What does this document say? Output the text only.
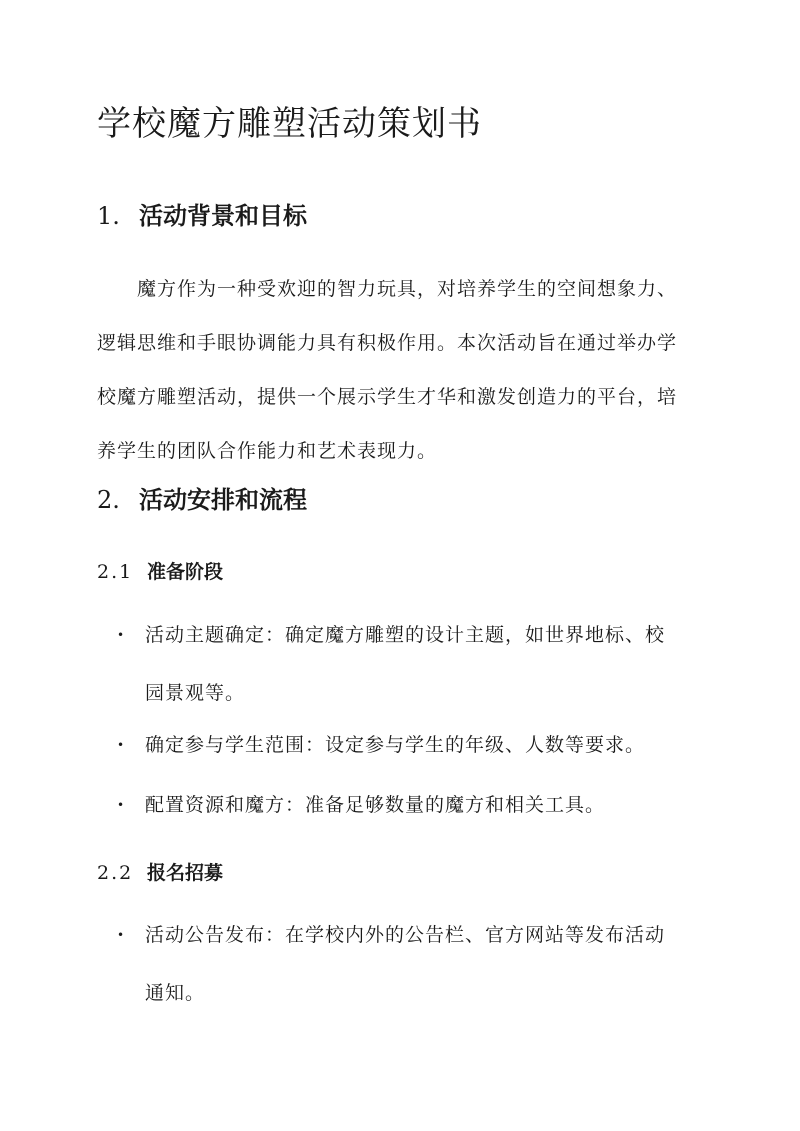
学校魔方雕塑活动策划书
1. 活动背景和目标

魔方作为一种受欢迎的智力玩具，对培养学生的空间想象力、
逻辑思维和手眼协调能力具有积极作用。本次活动旨在通过举办学
校魔方雕塑活动，提供一个展示学生才华和激发创造力的平台，培
养学生的团队合作能力和艺术表现力。

2. 活动安排和流程
2.1 准备阶段
• 活动主题确定：确定魔方雕塑的设计主题，如世界地标、校
园景观等。
• 确定参与学生范围：设定参与学生的年级、人数等要求。
• 配置资源和魔方：准备足够数量的魔方和相关工具。
2.2 报名招募
• 活动公告发布：在学校内外的公告栏、官方网站等发布活动
通知。
